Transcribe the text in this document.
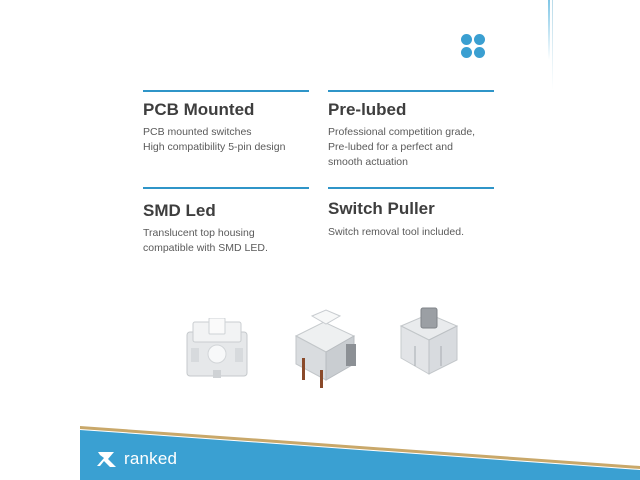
PCB Mounted

PCB mounted switches
High compatibility 5-pin design

Pre-lubed

Professional competition grade,
Pre-lubed for a perfect and
smooth actuation

SMD Led

Translucent top housing
compatible with SMD LED.

Switch Puller

Switch removal tool included.

ranked
